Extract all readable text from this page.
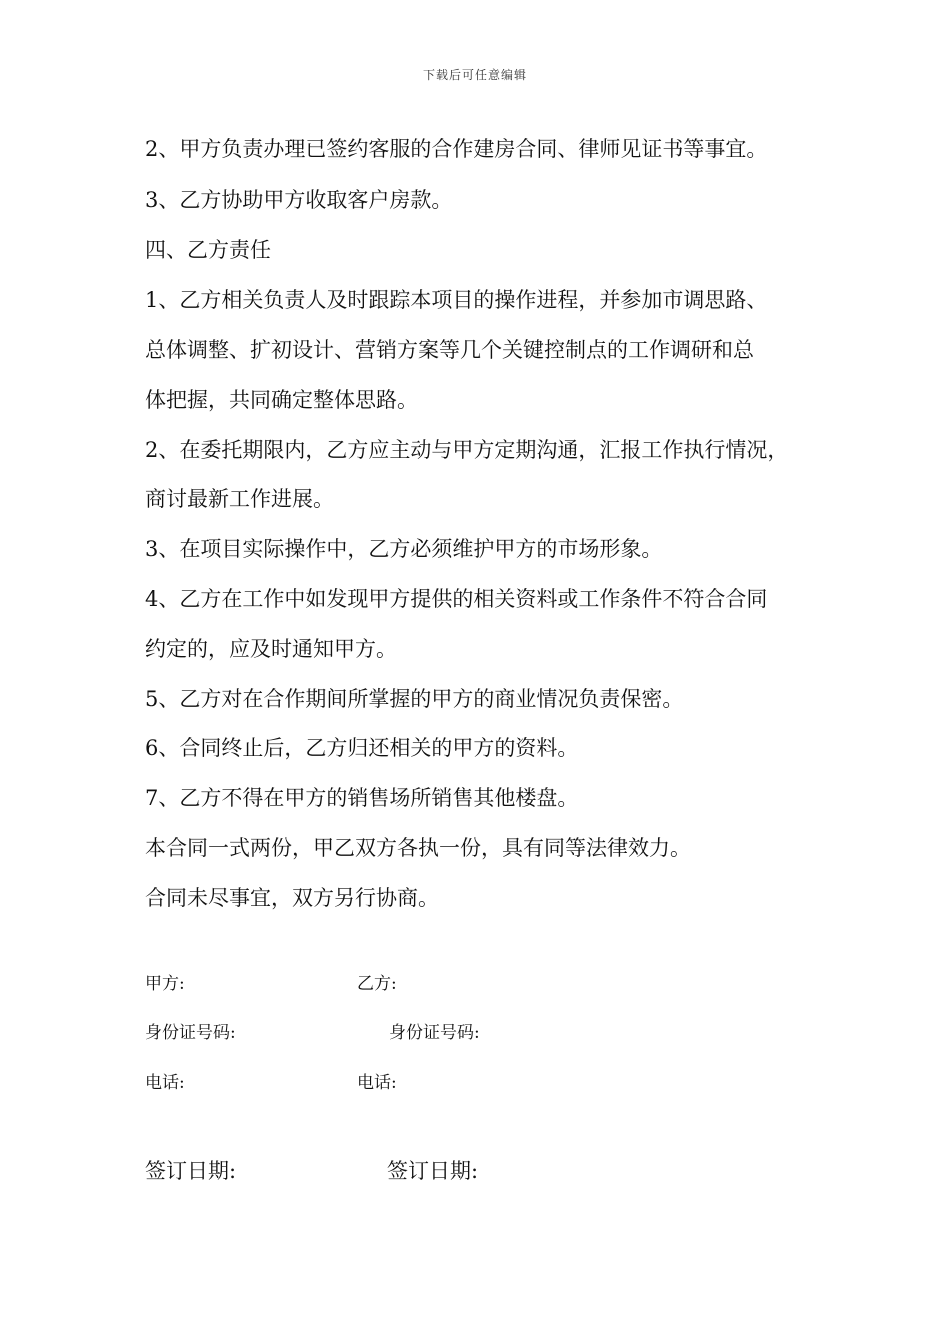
下载后可任意编辑
2、甲方负责办理已签约客服的合作建房合同、律师见证书等事宜。
3、乙方协助甲方收取客户房款。
四、乙方责任
1、乙方相关负责人及时跟踪本项目的操作进程，并参加市调思路、
总体调整、扩初设计、营销方案等几个关键控制点的工作调研和总
体把握，共同确定整体思路。
2、在委托期限内，乙方应主动与甲方定期沟通，汇报工作执行情况，
商讨最新工作进展。
3、在项目实际操作中，乙方必须维护甲方的市场形象。
4、乙方在工作中如发现甲方提供的相关资料或工作条件不符合合同
约定的，应及时通知甲方。
5、乙方对在合作期间所掌握的甲方的商业情况负责保密。
6、合同终止后，乙方归还相关的甲方的资料。
7、乙方不得在甲方的销售场所销售其他楼盘。
本合同一式两份，甲乙双方各执一份，具有同等法律效力。
合同未尽事宜，双方另行协商。
甲方:	乙方:
身份证号码:	身份证号码:
电话:	电话:
签订日期:	签订日期:
